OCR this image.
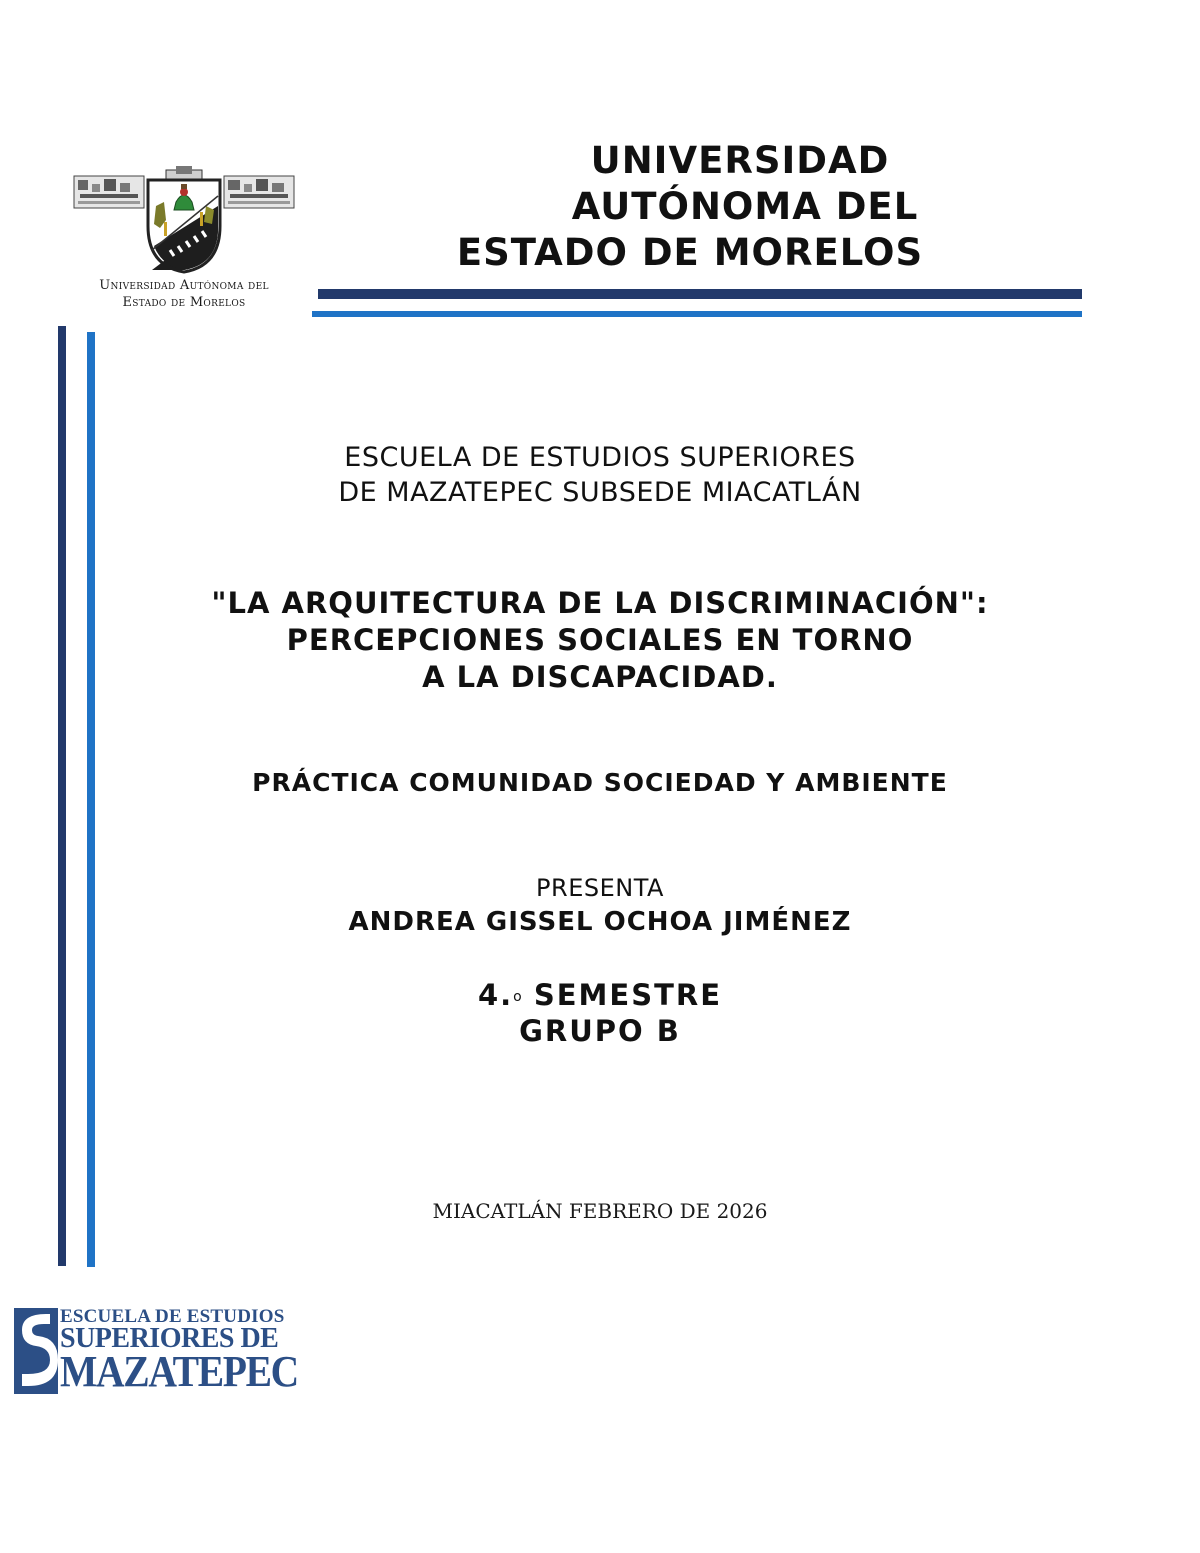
Universidad Autónoma del
Estado de Morelos
UNIVERSIDAD
AUTÓNOMA DEL
ESTADO DE MORELOS
ESCUELA DE ESTUDIOS SUPERIORES
DE MAZATEPEC SUBSEDE MIACATLÁN
"LA ARQUITECTURA DE LA DISCRIMINACIÓN":
PERCEPCIONES SOCIALES EN TORNO
A LA DISCAPACIDAD.
PRÁCTICA COMUNIDAD SOCIEDAD Y AMBIENTE
PRESENTA
ANDREA GISSEL OCHOA JIMÉNEZ
4.o SEMESTRE
GRUPO B
MIACATLÁN FEBRERO DE 2026
ESCUELA DE ESTUDIOS
SUPERIORES DE
MAZATEPEC
